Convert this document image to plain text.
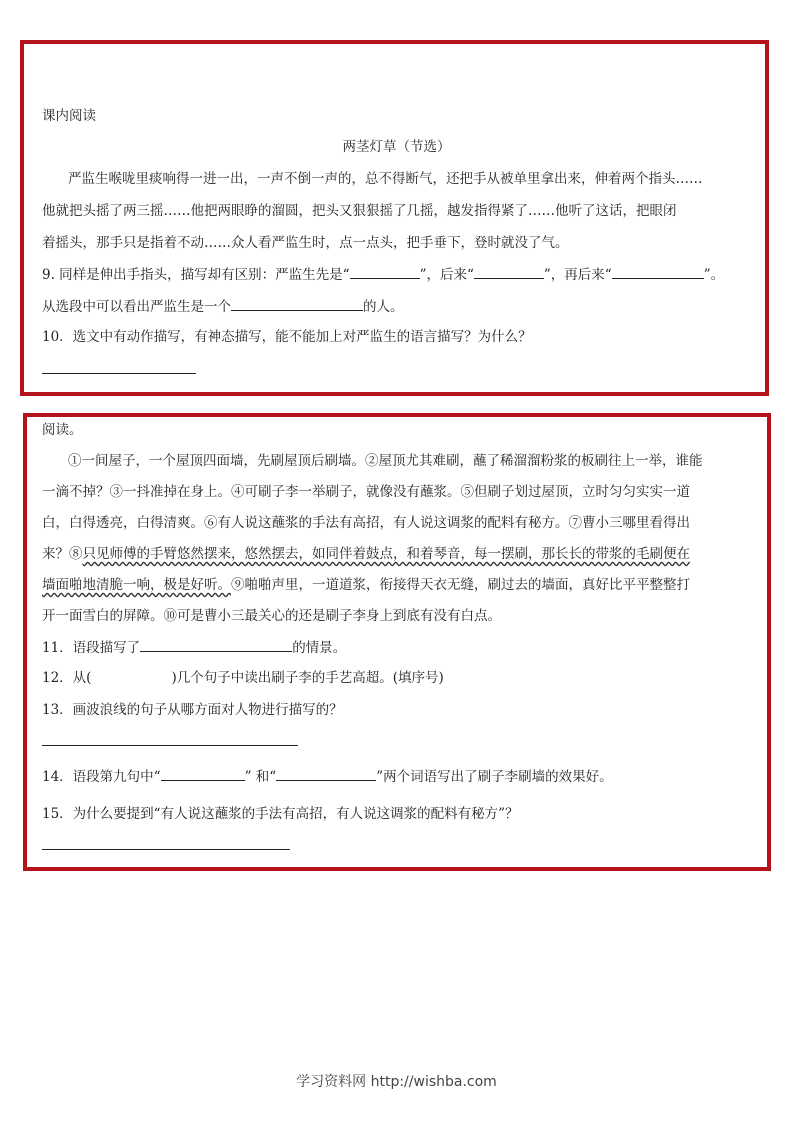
课内阅读
两茎灯草（节选）
严监生喉咙里痰响得一进一出，一声不倒一声的，总不得断气，还把手从被单里拿出来，伸着两个指头……
他就把头摇了两三摇……他把两眼睁的溜圆，把头又狠狠摇了几摇，越发指得紧了……他听了这话，把眼闭
着摇头，那手只是指着不动……众人看严监生时，点一点头，把手垂下，登时就没了气。
9. 同样是伸出手指头，描写却有区别：严监生先是“	”，后来“	”，再后来“	”。
从选段中可以看出严监生是一个	的人。
10．选文中有动作描写，有神态描写，能不能加上对严监生的语言描写？为什么？
阅读。
①一间屋子，一个屋顶四面墙，先刷屋顶后刷墙。②屋顶尤其难刷，蘸了稀溜溜粉浆的板刷往上一举，谁能
一滴不掉？③一抖准掉在身上。④可刷子李一举刷子，就像没有蘸浆。⑤但刷子划过屋顶，立时匀匀实实一道
白，白得透亮，白得清爽。⑥有人说这蘸浆的手法有高招，有人说这调浆的配料有秘方。⑦曹小三哪里看得出
来？⑧只见师傅的手臂悠然摆来，悠然摆去，如同伴着鼓点，和着琴音，每一摆刷，那长长的带浆的毛刷便在
墙面啪地清脆一响，极是好听。⑨啪啪声里，一道道浆，衔接得天衣无缝，刷过去的墙面，真好比平平整整打
开一面雪白的屏障。⑩可是曹小三最关心的还是刷子李身上到底有没有白点。
11．语段描写了	的情景。
12．从(	)几个句子中读出刷子李的手艺高超。(填序号)
13．画波浪线的句子从哪方面对人物进行描写的？
14．语段第九句中“	” 和“	”两个词语写出了刷子李刷墙的效果好。
15．为什么要提到“有人说这蘸浆的手法有高招，有人说这调浆的配料有秘方”？
学习资料网 http://wishba.com
